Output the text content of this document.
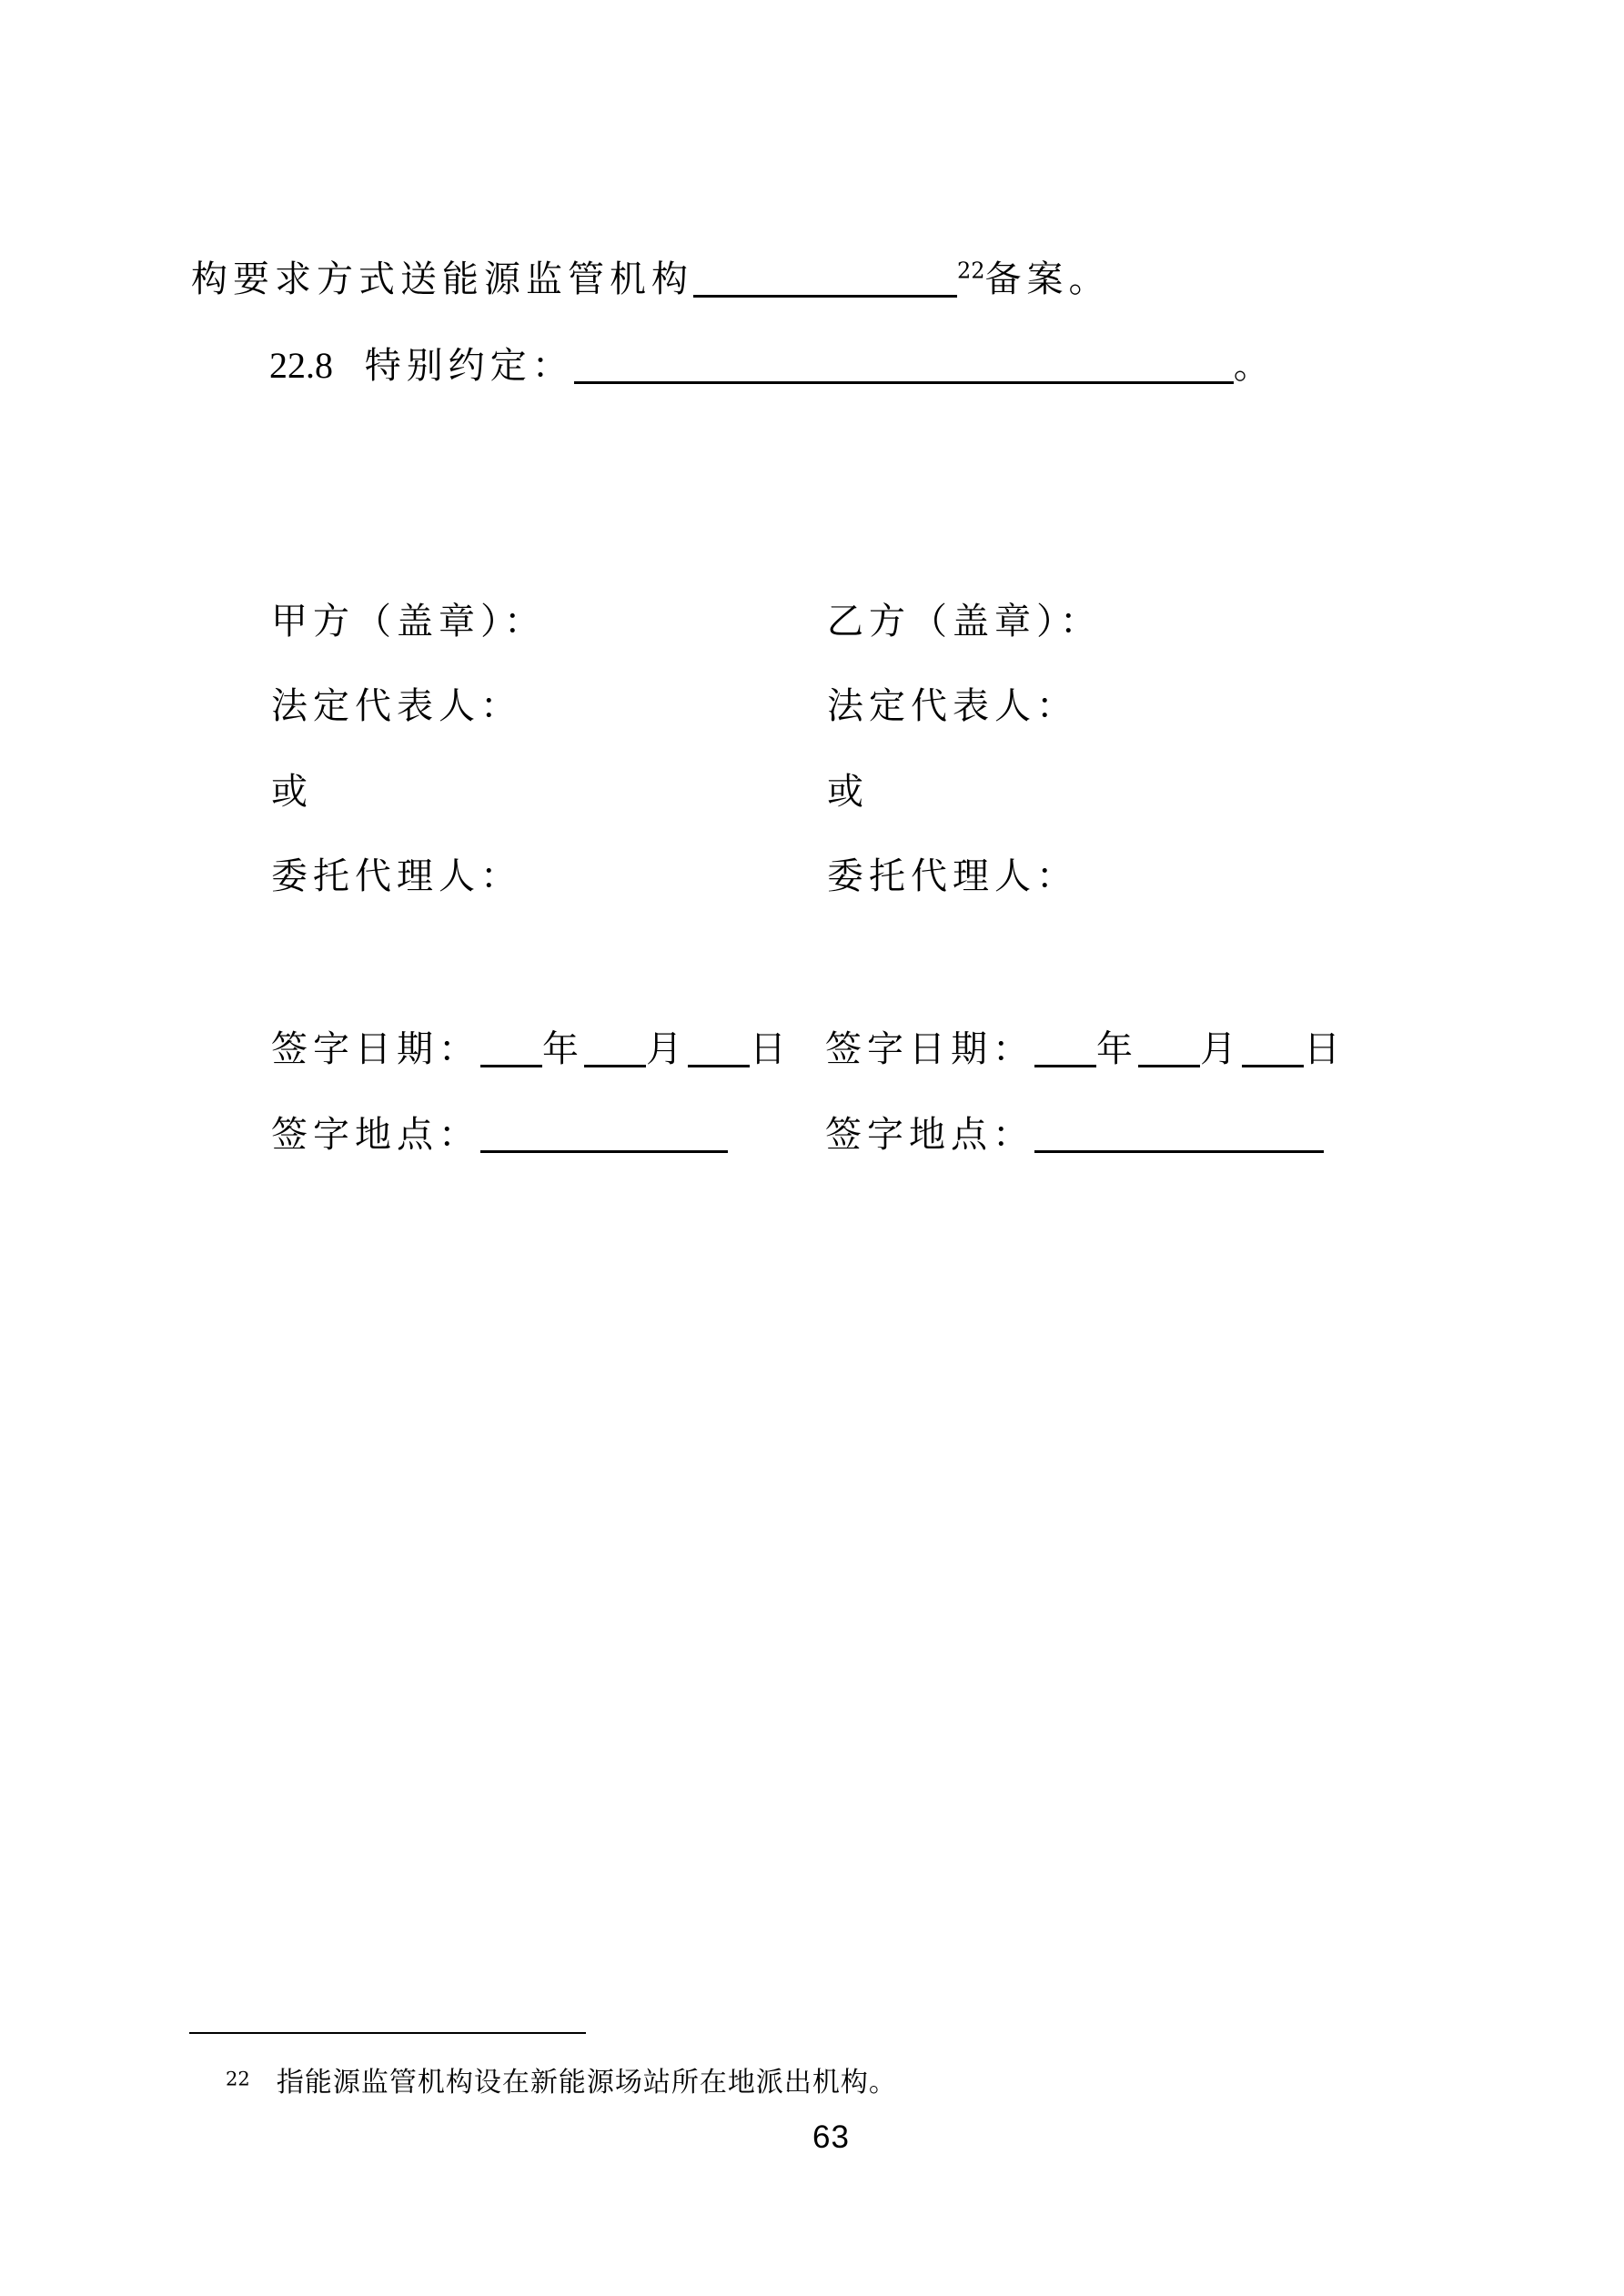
构要求方式送能源监管机构	$^{22}$备案。
22.8 特别约定：	。
甲方（盖章）：
法定代表人：
或
委托代理人：
签字日期： 年 月 日
签字地点：
乙方（盖章）：
法定代表人：
或
委托代理人：
签字日期： 年 月 日
签字地点：
22 指能源监管机构设在新能源场站所在地派出机构。
63
